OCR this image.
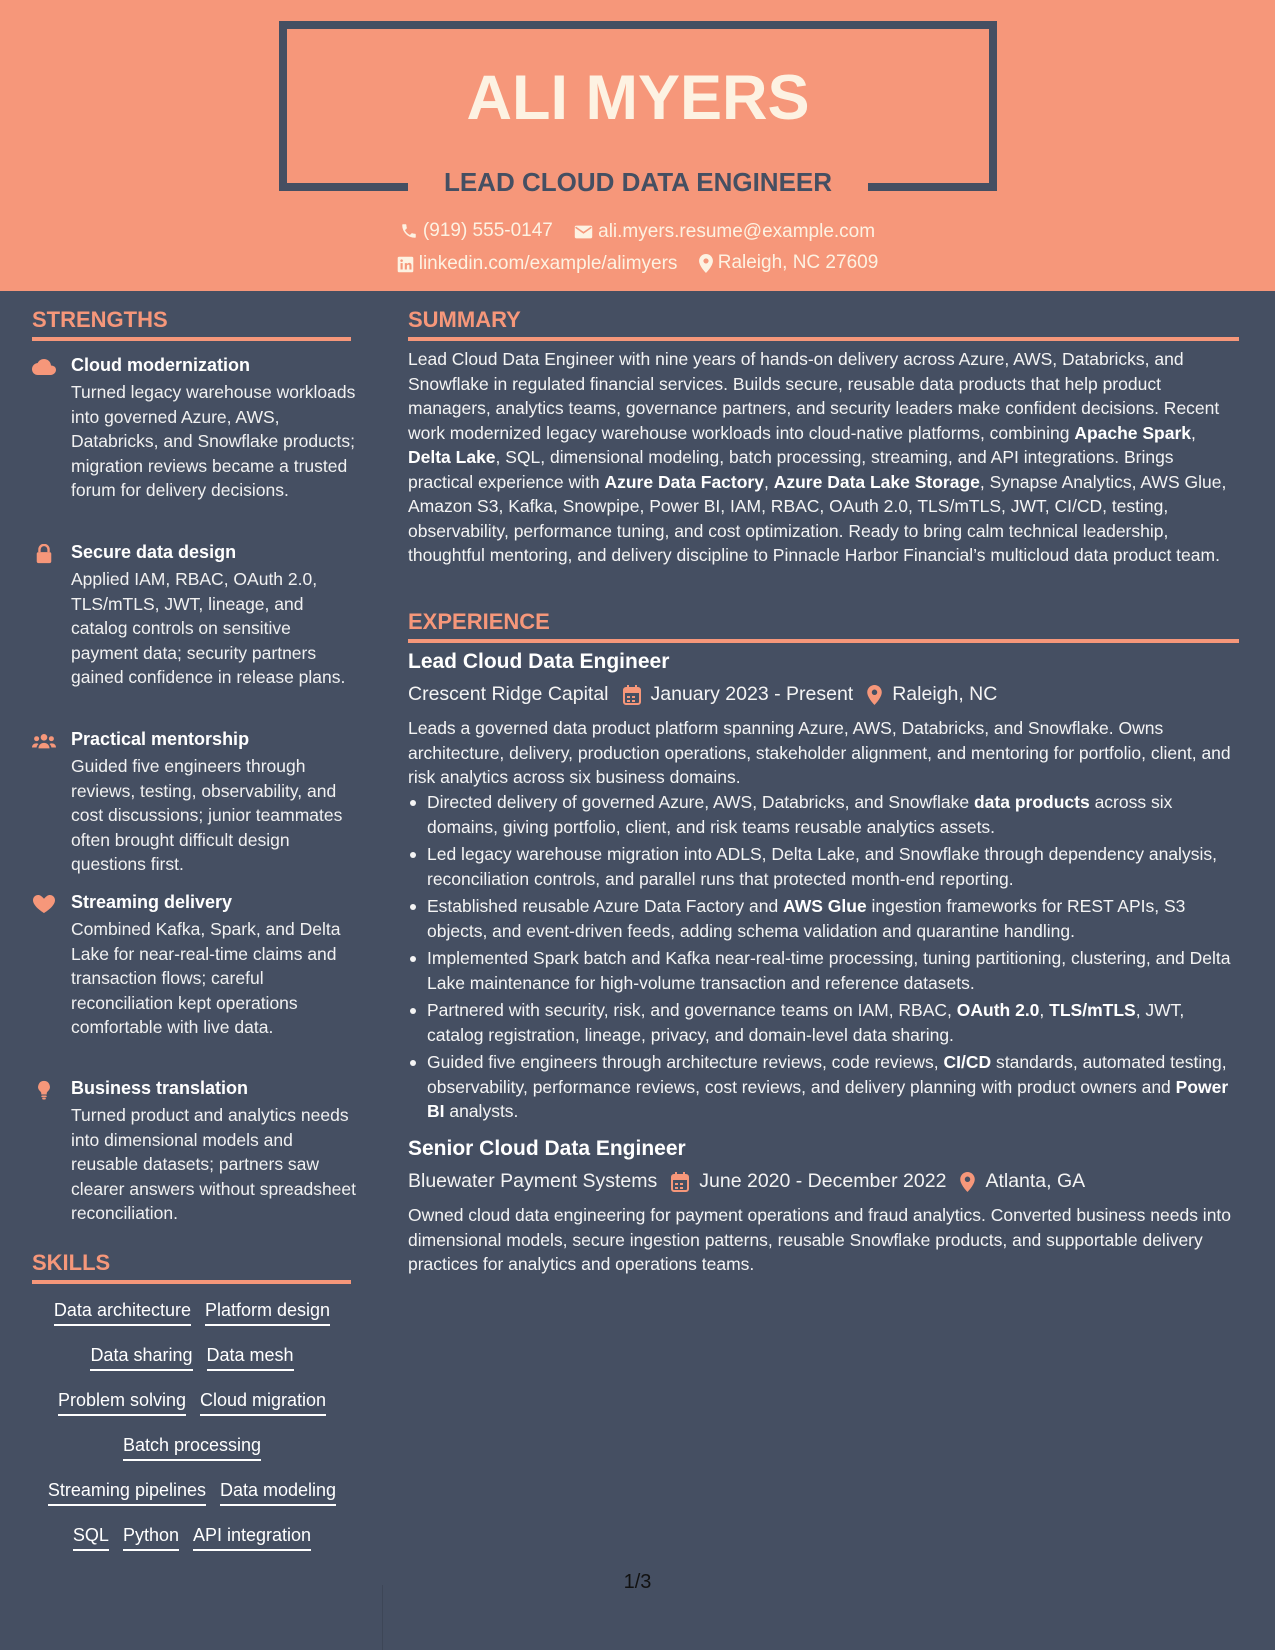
ALI MYERS
LEAD CLOUD DATA ENGINEER
(919) 555-0147
ali.myers.resume@example.com
linkedin.com/example/alimyers
Raleigh, NC 27609
STRENGTHS
Cloud modernization
Turned legacy warehouse workloads into governed Azure, AWS, Databricks, and Snowflake products; migration reviews became a trusted forum for delivery decisions.
Secure data design
Applied IAM, RBAC, OAuth 2.0, TLS/mTLS, JWT, lineage, and catalog controls on sensitive payment data; security partners gained confidence in release plans.
Practical mentorship
Guided five engineers through reviews, testing, observability, and cost discussions; junior teammates often brought difficult design questions first.
Streaming delivery
Combined Kafka, Spark, and Delta Lake for near-real-time claims and transaction flows; careful reconciliation kept operations comfortable with live data.
Business translation
Turned product and analytics needs into dimensional models and reusable datasets; partners saw clearer answers without spreadsheet reconciliation.
SKILLS
Data architecture Platform design
Data sharing Data mesh
Problem solving Cloud migration
Batch processing
Streaming pipelines Data modeling
SQL Python API integration
SUMMARY
Lead Cloud Data Engineer with nine years of hands-on delivery across Azure, AWS, Databricks, and Snowflake in regulated financial services. Builds secure, reusable data products that help product managers, analytics teams, governance partners, and security leaders make confident decisions. Recent work modernized legacy warehouse workloads into cloud-native platforms, combining Apache Spark, Delta Lake, SQL, dimensional modeling, batch processing, streaming, and API integrations. Brings practical experience with Azure Data Factory, Azure Data Lake Storage, Synapse Analytics, AWS Glue, Amazon S3, Kafka, Snowpipe, Power BI, IAM, RBAC, OAuth 2.0, TLS/mTLS, JWT, CI/CD, testing, observability, performance tuning, and cost optimization. Ready to bring calm technical leadership, thoughtful mentoring, and delivery discipline to Pinnacle Harbor Financial’s multicloud data product team.
EXPERIENCE
Lead Cloud Data Engineer
Crescent Ridge Capital January 2023 - Present Raleigh, NC
Leads a governed data product platform spanning Azure, AWS, Databricks, and Snowflake. Owns architecture, delivery, production operations, stakeholder alignment, and mentoring for portfolio, client, and risk analytics across six business domains.
Directed delivery of governed Azure, AWS, Databricks, and Snowflake data products across six domains, giving portfolio, client, and risk teams reusable analytics assets.
Led legacy warehouse migration into ADLS, Delta Lake, and Snowflake through dependency analysis, reconciliation controls, and parallel runs that protected month-end reporting.
Established reusable Azure Data Factory and AWS Glue ingestion frameworks for REST APIs, S3 objects, and event-driven feeds, adding schema validation and quarantine handling.
Implemented Spark batch and Kafka near-real-time processing, tuning partitioning, clustering, and Delta Lake maintenance for high-volume transaction and reference datasets.
Partnered with security, risk, and governance teams on IAM, RBAC, OAuth 2.0, TLS/mTLS, JWT, catalog registration, lineage, privacy, and domain-level data sharing.
Guided five engineers through architecture reviews, code reviews, CI/CD standards, automated testing, observability, performance reviews, cost reviews, and delivery planning with product owners and Power BI analysts.
Senior Cloud Data Engineer
Bluewater Payment Systems June 2020 - December 2022 Atlanta, GA
Owned cloud data engineering for payment operations and fraud analytics. Converted business needs into dimensional models, secure ingestion patterns, reusable Snowflake products, and supportable delivery practices for analytics and operations teams.
1/3
